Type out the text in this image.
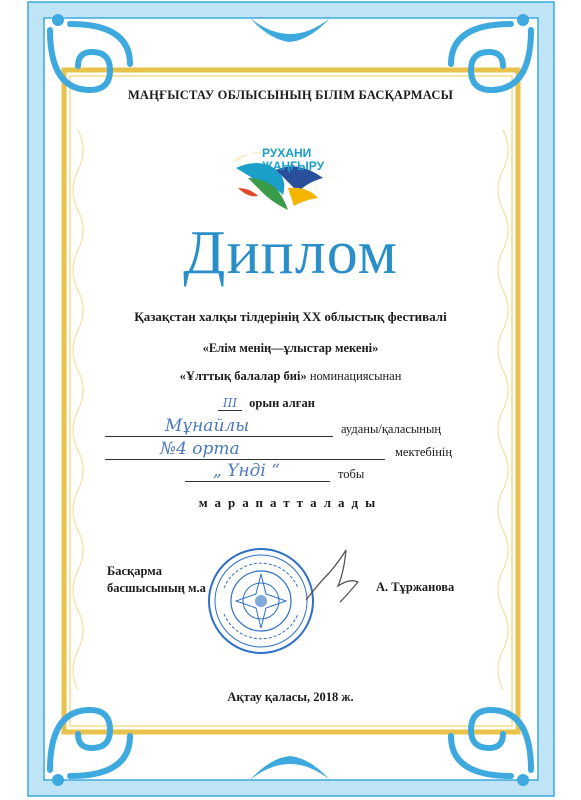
МАҢҒЫСТАУ ОБЛЫСЫНЫҢ БІЛІМ БАСҚАРМАСЫ
РУХАНИ
ЖАҢҒЫРУ
Диплом
Қазақстан халқы тілдерінің XX облыстық фестивалі
«Елім менің—ұлыстар мекені»
«Ұлттық балалар биі» номинациясынан
III орын алған
Мұнайлы	ауданы/қаласының
№4 орта	мектебінің
„ Үндi “	тобы
марапатталады
Басқарма
басшысының м.а	А. Тұржанова
Ақтау қаласы, 2018 ж.
